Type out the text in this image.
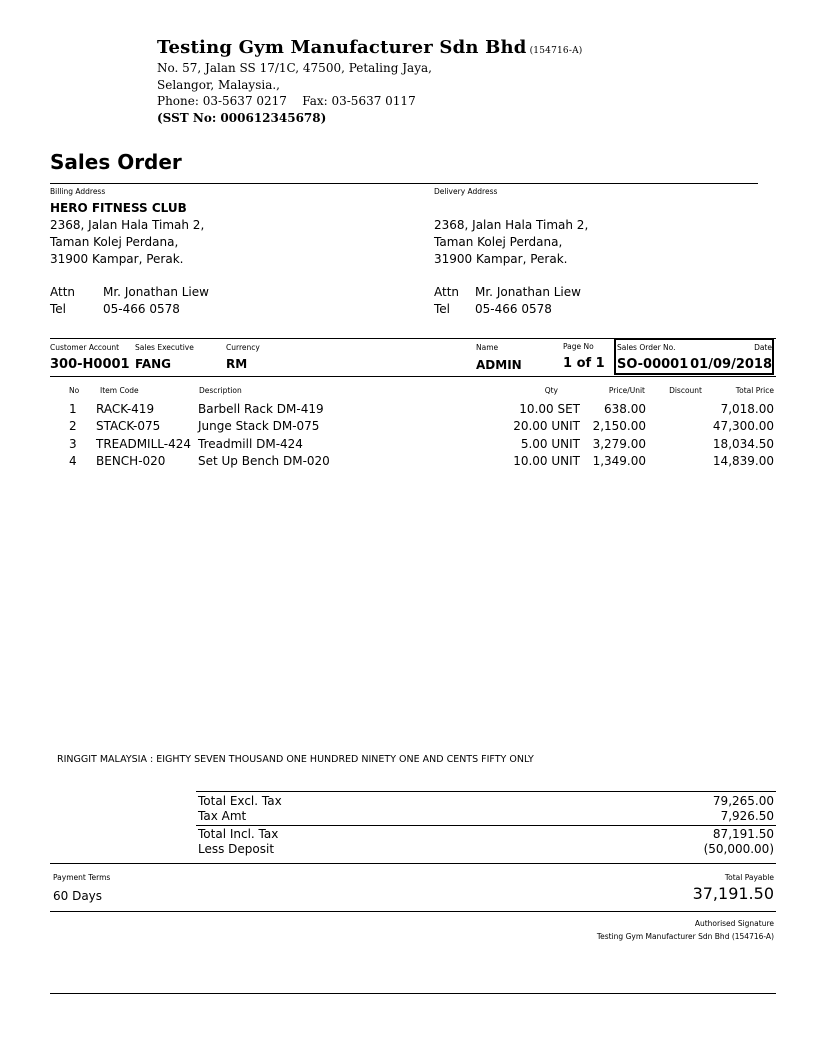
Testing Gym Manufacturer Sdn Bhd (154716-A)
No. 57, Jalan SS 17/1C, 47500, Petaling Jaya,
Selangor, Malaysia.,
Phone: 03-5637 0217    Fax: 03-5637 0117
(SST No: 000612345678)
Sales Order
Billing Address
HERO FITNESS CLUB
2368, Jalan Hala Timah 2,
Taman Kolej Perdana,
31900 Kampar, Perak.
Attn Mr. Jonathan Liew
Tel	05-466 0578
Delivery Address
2368, Jalan Hala Timah 2,
Taman Kolej Perdana,
31900 Kampar, Perak.
Attn Mr. Jonathan Liew
Tel 05-466 0578
Customer Account
300-H0001
Sales Executive
FANG
Currency
RM
Name
ADMIN
Page No
1 of 1
Sales Order No.
SO-00001
Date
01/09/2018
No	Item Code	Description	Qty	Price/Unit	Discount	Total Price
1 RACK-419	Barbell Rack DM-419	10.00 SET 638.00	7,018.00
2 STACK-075	Junge Stack DM-075	20.00 UNIT 2,150.00	47,300.00
3 TREADMILL-424 Treadmill DM-424	5.00 UNIT 3,279.00	18,034.50
4 BENCH-020	Set Up Bench DM-020	10.00 UNIT 1,349.00	14,839.00
RINGGIT MALAYSIA : EIGHTY SEVEN THOUSAND ONE HUNDRED NINETY ONE AND CENTS FIFTY ONLY
Total Excl. Tax	79,265.00
Tax Amt	7,926.50
Total Incl. Tax	87,191.50
Less Deposit	(50,000.00)
Payment Terms
60 Days
Total Payable
37,191.50
Authorised Signature
Testing Gym Manufacturer Sdn Bhd (154716-A)
